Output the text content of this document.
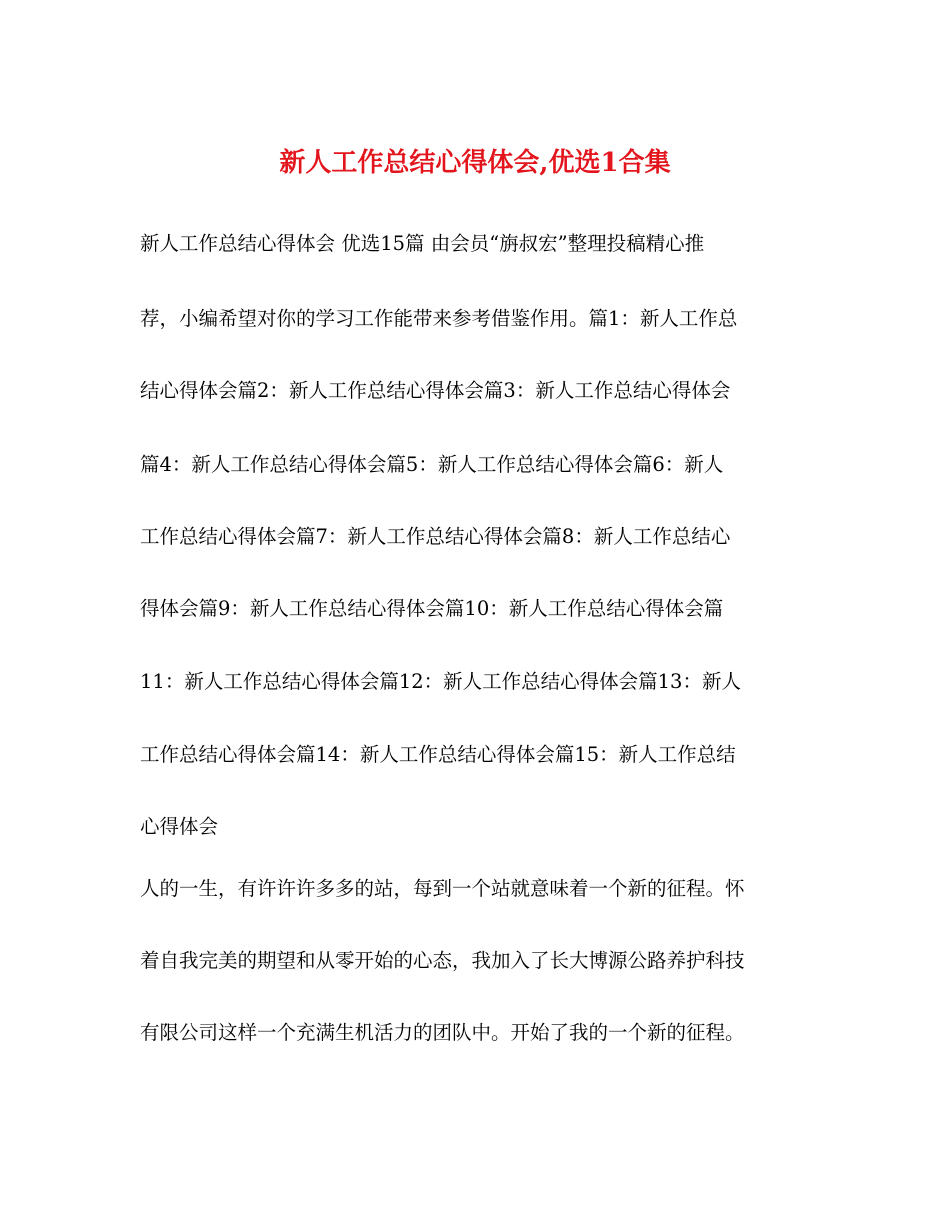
新人工作总结心得体会,优选1合集
新人工作总结心得体会 优选15篇 由会员“旃叔宏”整理投稿精心推
荐，小编希望对你的学习工作能带来参考借鉴作用。篇1：新人工作总
结心得体会篇2：新人工作总结心得体会篇3：新人工作总结心得体会
篇4：新人工作总结心得体会篇5：新人工作总结心得体会篇6：新人
工作总结心得体会篇7：新人工作总结心得体会篇8：新人工作总结心
得体会篇9：新人工作总结心得体会篇10：新人工作总结心得体会篇
11：新人工作总结心得体会篇12：新人工作总结心得体会篇13：新人
工作总结心得体会篇14：新人工作总结心得体会篇15：新人工作总结
心得体会
人的一生，有许许许多多的站，每到一个站就意味着一个新的征程。怀
着自我完美的期望和从零开始的心态，我加入了长大博源公路养护科技
有限公司这样一个充满生机活力的团队中。开始了我的一个新的征程。
